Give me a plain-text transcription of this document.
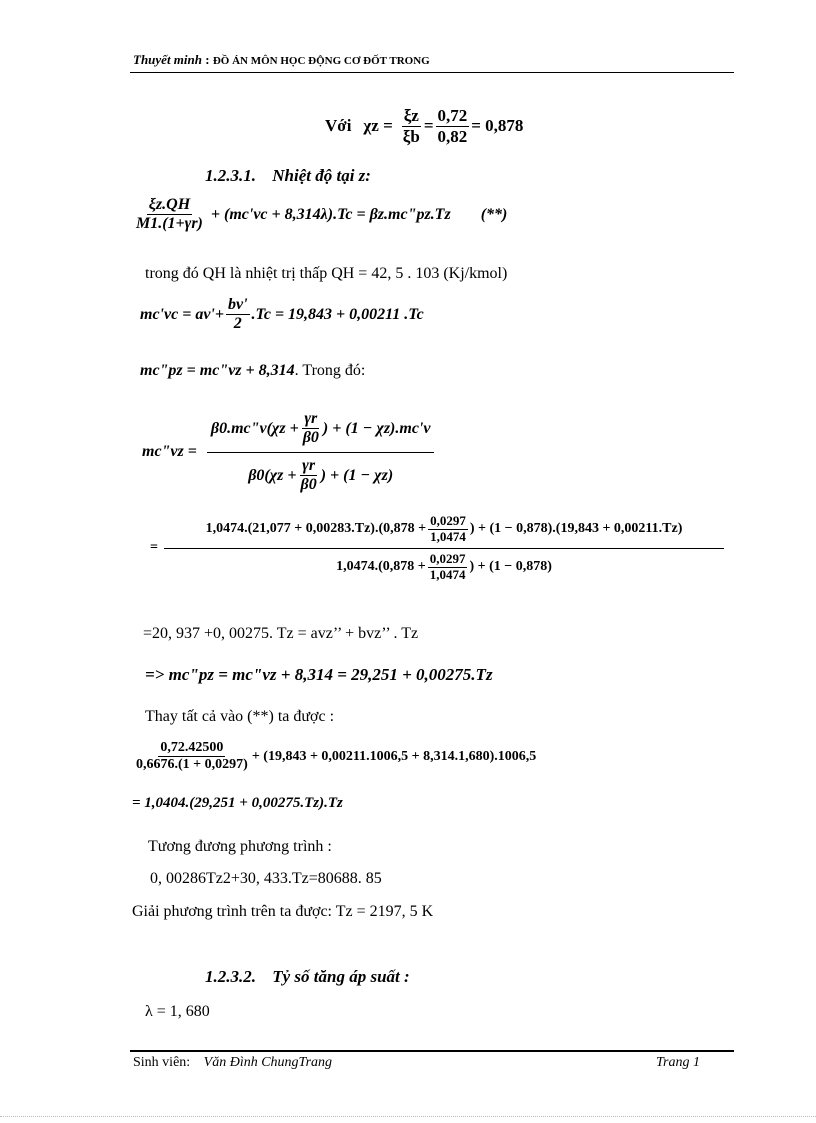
Thuyết minh : ĐỒ ÁN MÔN HỌC ĐỘNG CƠ ĐỐT TRONG
Với $\chi z = \frac{\xi z}{\xi b} = \frac{0,72}{0,82} = 0,878$
1.2.3.1. Nhiệt độ tại z:
$\frac{\xi z.QH}{M1.(1+\gamma r)} + (mc'vc + 8,314\lambda).Tc$ = βz.mc"pz.Tz (**)
trong đó QH là nhiệt trị thấp QH = 42, 5 . 103 (Kj/kmol)
$mc'vc = av'+ \frac{bv'}{2} .Tc = 19,843 + 0,00211$ .Tc
mc"pz = mc"vz + 8,314. Trong đó:
mc"vz =
β0.mc"v(χz + $\frac{\gamma r}{\beta 0}$ ) + (1 − χz).mc'v
$\beta 0(\chi z + \frac{\gamma r}{\beta 0}$ ) + (1 − χz)
=
$1,0474.(21,077 + 0,00283.Tz).(0,878 + \frac{0,0297}{1,0474}$ ) + (1 − 0,878).(19,843 + 0,00211.Tz)
$1,0474.(0,878 + \frac{0,0297}{1,0474}$ ) + (1 − 0,878)
=20, 937 +0, 00275. Tz = avz’’ + bvz’’ . Tz
=> mc"pz = mc"vz + 8,314 = 29,251 + 0,00275.Tz
Thay tất cả vào (**) ta được :
$\frac{0,72.42500}{0,6676.(1 + 0,0297)} + (19,843 + 0,00211.1006,5 + 8,314.1,680).1006,5$
= 1,0404.(29,251 + 0,00275.Tz).Tz
Tương đương phương trình :
0, 00286Tz2+30, 433.Tz=80688. 85
Giải phương trình trên ta được: Tz = 2197, 5 K
1.2.3.2. Tỷ số tăng áp suất :
λ = 1, 680
Sinh viên: Văn Đình ChungTrang	Trang 1
